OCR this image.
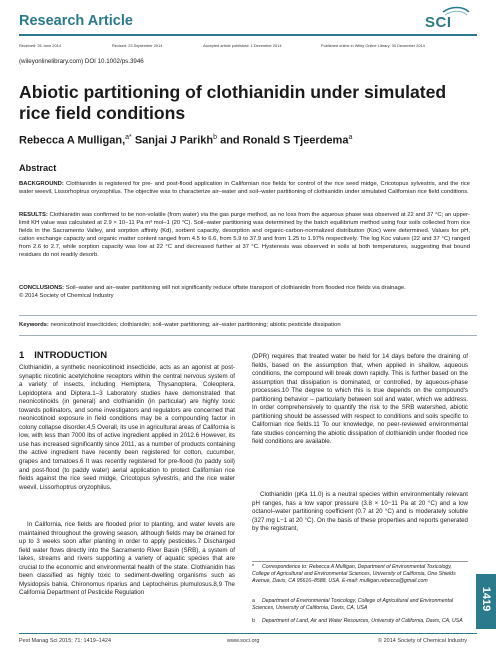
Research Article	SCI
Received: 26 June 2014	Revised: 23 September 2014	Accepted article published: 1 December 2014	Published online in Wiley Online Library: 30 December 2014
(wileyonlinelibrary.com) DOI 10.1002/ps.3946
Abiotic partitioning of clothianidin under simulated rice field conditions
Rebecca A Mulligan,$^{a*}$ Sanjai J Parikh$^b$ and Ronald S Tjeerdema$^a$
Abstract

BACKGROUND: Clothianidin is registered for pre- and post-flood application in Californian rice fields for control of the rice seed midge, Cricotopus sylvestris, and the rice water weevil, Lissorhoptrus oryzophilus. The objective was to characterize air–water and soil–water partitioning of clothianidin under simulated Californian rice field conditions.

RESULTS: Clothianidin was confirmed to be non-volatile (from water) via the gas purge method, as no loss from the aqueous phase was observed at 22 and 37 °C; an upper-limit KH value was calculated at 2.9 × 10−11 Pa m³ mol−1 (20 °C). Soil–water partitioning was determined by the batch equilibrium method using four soils collected from rice fields in the Sacramento Valley, and sorption affinity (Kd), sorbent capacity, desorption and organic-carbon-normalized distribution (Koc) were determined. Values for pH, cation exchange capacity and organic matter content ranged from 4.5 to 6.6, from 5.9 to 37.9 and from 1.25 to 1.97% respectively. The log Koc values (22 and 37 °C) ranged from 2.6 to 2.7, while sorption capacity was low at 22 °C and decreased further at 37 °C. Hysteresis was observed in soils at both temperatures, suggesting that bound residues do not readily desorb.

CONCLUSIONS: Soil–water and air–water partitioning will not significantly reduce offsite transport of clothianidin from flooded rice fields via drainage.
© 2014 Society of Chemical Industry

Keywords: neonicotinoid insecticides; clothianidin; soil–water partitioning; air–water partitioning; abiotic pesticide dissipation
1 INTRODUCTION

Clothianidin, a synthetic neonicotinoid insecticide, acts as an agonist at post-synaptic nicotinic acetylcholine receptors within the central nervous system of a variety of insects, including Hemiptera, Thysanoptera, Coleoptera, Lepidoptera and Diptera.1–3 Laboratory studies have demonstrated that neonicotinoids (in general) and clothianidin (in particular) are highly toxic towards pollinators, and some investigators and regulators are concerned that neonicotinoid exposure in field conditions may be a compounding factor in colony collapse disorder.4,5 Overall, its use in agricultural areas of California is low, with less than 7000 lbs of active ingredient applied in 2012.6 However, its use has increased significantly since 2011, as a number of products containing the active ingredient have recently been registered for cotton, cucumber, grapes and tomatoes.6 It was recently registered for pre-flood (to paddy soil) and post-flood (to paddy water) aerial application to protect Californian rice fields against the rice seed midge, Cricotopus sylvestris, and the rice water weevil, Lissorhoptrus oryzophilus.

In California, rice fields are flooded prior to planting, and water levels are maintained throughout the growing season, although fields may be drained for up to 3 weeks soon after planting in order to apply pesticides.7 Discharged field water flows directly into the Sacramento River Basin (SRB), a system of lakes, streams and rivers supporting a variety of aquatic species that are crucial to the economic and environmental health of the state. Clothianidin has been classified as highly toxic to sediment-dwelling organisms such as Mysidopsis bahia, Chironomus riparius and Leptocheirus plumulosus.8,9 The California Department of Pesticide Regulation

(DPR) requires that treated water be held for 14 days before the draining of fields, based on the assumption that, when applied in shallow, aqueous conditions, the compound will break down rapidly. This is further based on the assumption that dissipation is dominated, or controlled, by aqueous-phase processes.10 The degree to which this is true depends on the compound's partitioning behavior – particularly between soil and water, which we address. In order comprehensively to quantify the risk to the SRB watershed, abiotic partitioning should be assessed with respect to conditions and soils specific to Californian rice fields.11 To our knowledge, no peer-reviewed environmental fate studies concerning the abiotic dissipation of clothianidin under flooded rice field conditions are available.

Clothianidin (pKa 11.0) is a neutral species within environmentally relevant pH ranges, has a low vapor pressure (3.8 × 10−11 Pa at 20 °C) and a low octanol–water partitioning coefficient (0.7 at 20 °C) and is moderately soluble (327 mg L−1 at 20 °C). On the basis of these properties and reports generated by the registrant,

* Correspondence to: Rebecca A Mulligan, Department of Environmental Toxicology, College of Agricultural and Environmental Sciences, University of California, One Shields Avenue, Davis, CA 95616–8588, USA. E-mail: mulligan.rebecca@gmail.com

a Department of Environmental Toxicology, College of Agricultural and Environmental Sciences, University of California, Davis, CA, USA

b Department of Land, Air and Water Resources, University of California, Davis, CA, USA

1419
Pest Manag Sci 2015; 71: 1419–1424	www.soci.org	© 2014 Society of Chemical Industry
